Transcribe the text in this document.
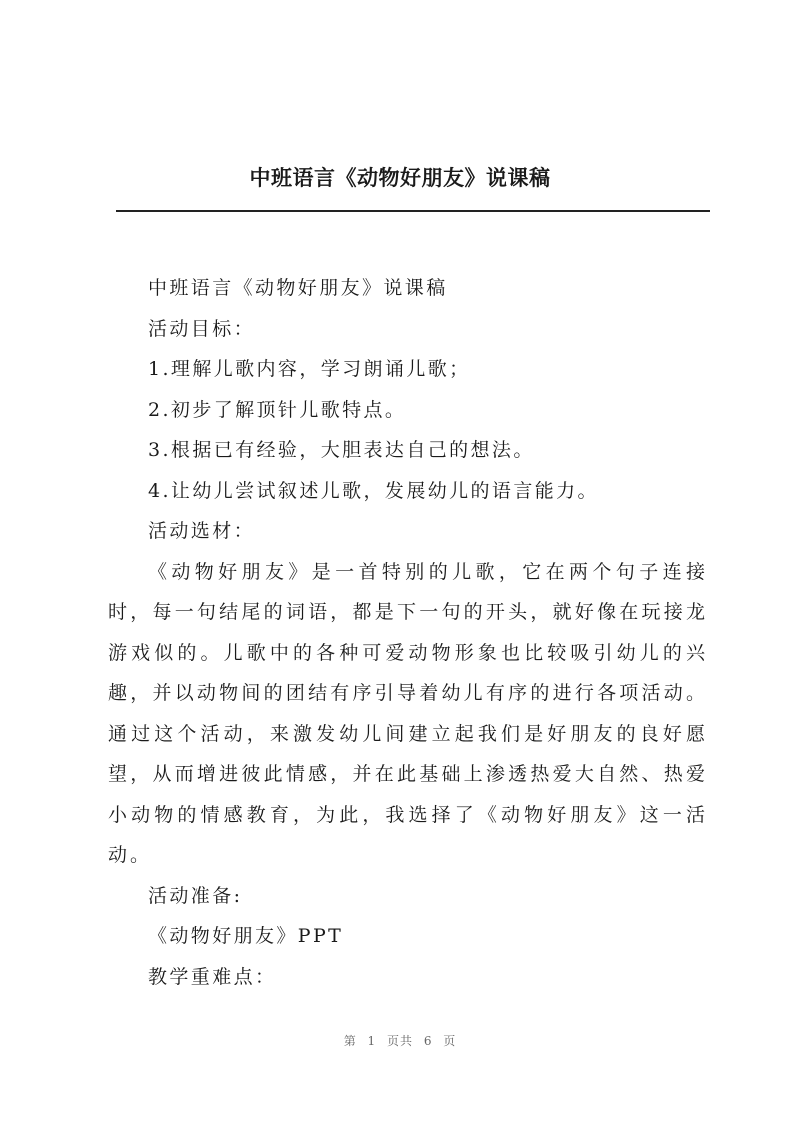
中班语言《动物好朋友》说课稿

中班语言《动物好朋友》说课稿

活动目标：

1.理解儿歌内容，学习朗诵儿歌；

2.初步了解顶针儿歌特点。

3.根据已有经验，大胆表达自己的想法。

4.让幼儿尝试叙述儿歌，发展幼儿的语言能力。

活动选材：

《动物好朋友》是一首特别的儿歌，它在两个句子连接时，每一句结尾的词语，都是下一句的开头，就好像在玩接龙游戏似的。儿歌中的各种可爱动物形象也比较吸引幼儿的兴趣，并以动物间的团结有序引导着幼儿有序的进行各项活动。通过这个活动，来激发幼儿间建立起我们是好朋友的良好愿望，从而增进彼此情感，并在此基础上渗透热爱大自然、热爱小动物的情感教育，为此，我选择了《动物好朋友》这一活动。

活动准备:

《动物好朋友》PPT

教学重难点：

第 1 页共 6 页
